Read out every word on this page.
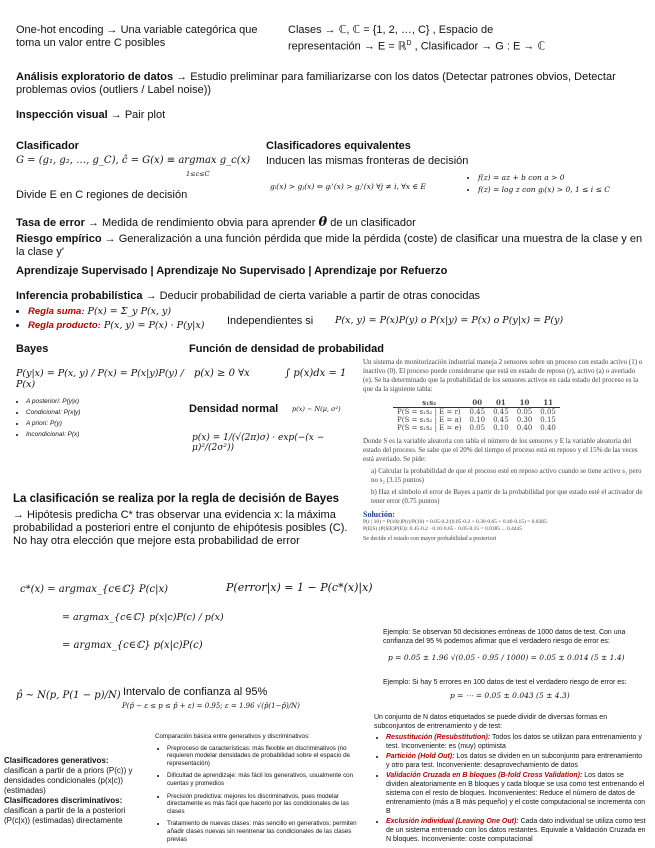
One-hot encoding → Una variable categórica que toma un valor entre C posibles
Clases → ℂ, ℂ = {1, 2, …, C} , Espacio de
representación → E = ℝ$^D$ , Clasificador → G : E → ℂ
Análisis exploratorio de datos → Estudio preliminar para familiarizarse con los datos (Detectar patrones obvios, Detectar problemas ovios (outliers / Label noise))
Inspección visual → Pair plot
Clasificador
G = (g₁, g₂, …, g_C), ĉ = G(x) ≡ argmax g_c(x)
1≤c≤C
Divide E en C regiones de decisión
Clasificadores equivalentes
Inducen las mismas fronteras de decisión
gᵢ(x) > gⱼ(x) ⇔ gᵢ'(x) > gⱼ'(x) ∀j ≠ i, ∀x ∈ E
• f(z) = az + b con a > 0
• f(z) = log z con gᵢ(x) > 0, 1 ≤ i ≤ C
Tasa de error → Medida de rendimiento obvia para aprender θ de un clasificador
Riesgo empírico → Generalización a una función pérdida que mide la pérdida (coste) de clasificar una muestra de la clase y en la clase y'
Aprendizaje Supervisado | Aprendizaje No Supervisado | Aprendizaje por Refuerzo
Inferencia probabilística → Deducir probabilidad de cierta variable a partir de otras conocidas
• Regla suma: P(x) = Σ_y P(x, y)
• Regla producto: P(x, y) = P(x) · P(y|x) Independientes si P(x, y) = P(x)P(y) o P(x|y) = P(x) o P(y|x) = P(y)
Bayes
P(y|x) = P(x, y) / P(x) = P(x|y)P(y) / P(x)
• A posteriori: P(y|x)
• Condicional: P(x|y)
• A priori: P(y)
• Incondicional: P(x)
Función de densidad de probabilidad
p(x) ≥ 0 ∀x	∫ p(x)dx = 1
Densidad normal p(x) ∼ N(μ, σ²)
p(x) = 1/(√(2π)σ) · exp(−(x − μ)²/(2σ²))
Un sistema de monitorización industrial maneja 2 sensores sobre un proceso con estado activo (1) o inactivo (0). El proceso puede considerarse que está en estado de reposo (r), activo (a) o averiado (e). Se ha determinado que la probabilidad de los sensores activos en cada estado del proceso es la que da la siguiente tabla:
s₁s₂	00	01	10	11
P(S = s₁s₂ | E = r)	0.45	0.45	0.05	0.05
P(S = s₁s₂ | E = a)	0.10	0.45	0.30	0.15
P(S = s₁s₂ | E = e)	0.05	0.10	0.40	0.40
Donde S es la variable aleatoria con tabla el número de los sensores y E la variable aleatoria del estado del proceso. Se sabe que el 20% del tiempo el proceso está en reposo y el 15% de las veces está averiado. Se pide:
a) Calcular la probabilidad de que el proceso esté en reposo activo cuando se tiene activo s₁ pero no s₂ (3.15 puntos)
b) Haz el símbolo el error de Bayes a partir de la probabilidad por que estado esté el activador de tener error (0.75 puntos)
Solución:
P(r | 10) = P(10|r)P(r)/P(10) = 0.05·0.2/(0.05·0.2 + 0.30·0.65 + 0.40·0.15) = 0.0385
P(E|S) (P(S|E)P(E)): 0.45·0.2 · 0.10·0.65 · 0.05·0.15 = 0.0385 ... 0.4445
Se decide el estado con mayor probabilidad a posteriori
La clasificación se realiza por la regla de decisión de Bayes
→ Hipótesis predicha C* tras observar una evidencia x: la máxima probabilidad a posteriori entre el conjunto de ehipótesis posibles (C). No hay otra elección que mejore esta probabilidad de error
c*(x) = argmax_{c∈ℂ} P(c|x)
= argmax_{c∈ℂ} p(x|c)P(c) / p(x)
= argmax_{c∈ℂ} p(x|c)P(c)
P(error|x) = 1 − P(c*(x)|x)
Ejemplo: Se observan 50 decisiones erróneas de 1000 datos de test. Con una confianza del 95 % podemos afirmar que el verdadero riesgo de error es:
p = 0.05 ± 1.96 √(0.05 · 0.95 / 1000) = 0.05 ± 0.014 (5 ± 1.4)
Ejemplo: Si hay 5 errores en 100 datos de test el verdadero riesgo de error es:
p = ⋯ = 0.05 ± 0.043 (5 ± 4.3)
p̂ ∼ N(p, P(1 − p)/N) Intervalo de confianza al 95%
P(p̂ − ε ≤ p ≤ p̂ + ε) = 0.95; ε = 1.96 √(p̂(1−p̂)/N)
Un conjunto de N datos etiquetados se puede dividir de diversas formas en subconjuntos de entrenamiento y de test:
• Resustitución (Resubstitution): Todos los datos se utilizan para entrenamiento y test. Inconveniente: es (muy) optimista
• Partición (Hold Out): Los datos se dividen en un subconjunto para entrenamiento y otro para test. Inconveniente: desaprovechamiento de datos
• Validación Cruzada en B bloques (B-fold Cross Validation): Los datos se dividen aleatoriamente en B bloques y cada bloque se usa como test entrenando el sistema con el resto de bloques. Inconvenientes: Reduce el número de datos de entrenamiento (más a B más pequeño) y el coste computacional se incrementa con B
• Exclusión individual (Leaving One Out): Cada dato individual se utiliza como test de un sistema entrenado con los datos restantes. Equivale a Validación Cruzada en N bloques. Inconveniente: coste computacional
Clasificadores generativos:
clasifican a partir de a priors (P(c)) y densidades condicionales (p(x|c)) (estimadas)
Clasificadores discriminativos:
clasifican a partir de la a posteriori (P(c|x)) (estimadas) directamente
Comparación básica entre generativos y discriminativos:
• Preproceso de características: más flexible en discriminativos (no requieren modelar densidades de probabilidad sobre el espacio de representación)
• Dificultad de aprendizaje: más fácil los generativos, usualmente con cuentas y promedios
• Precisión predictiva: mejores los discriminativos, pues modelar directamente es más fácil que hacerlo por las condicionales de las clases
• Tratamiento de nuevas clases: más sencillo en generativos; permiten añadir clases nuevas sin reentrenar las condicionales de las clases previas
